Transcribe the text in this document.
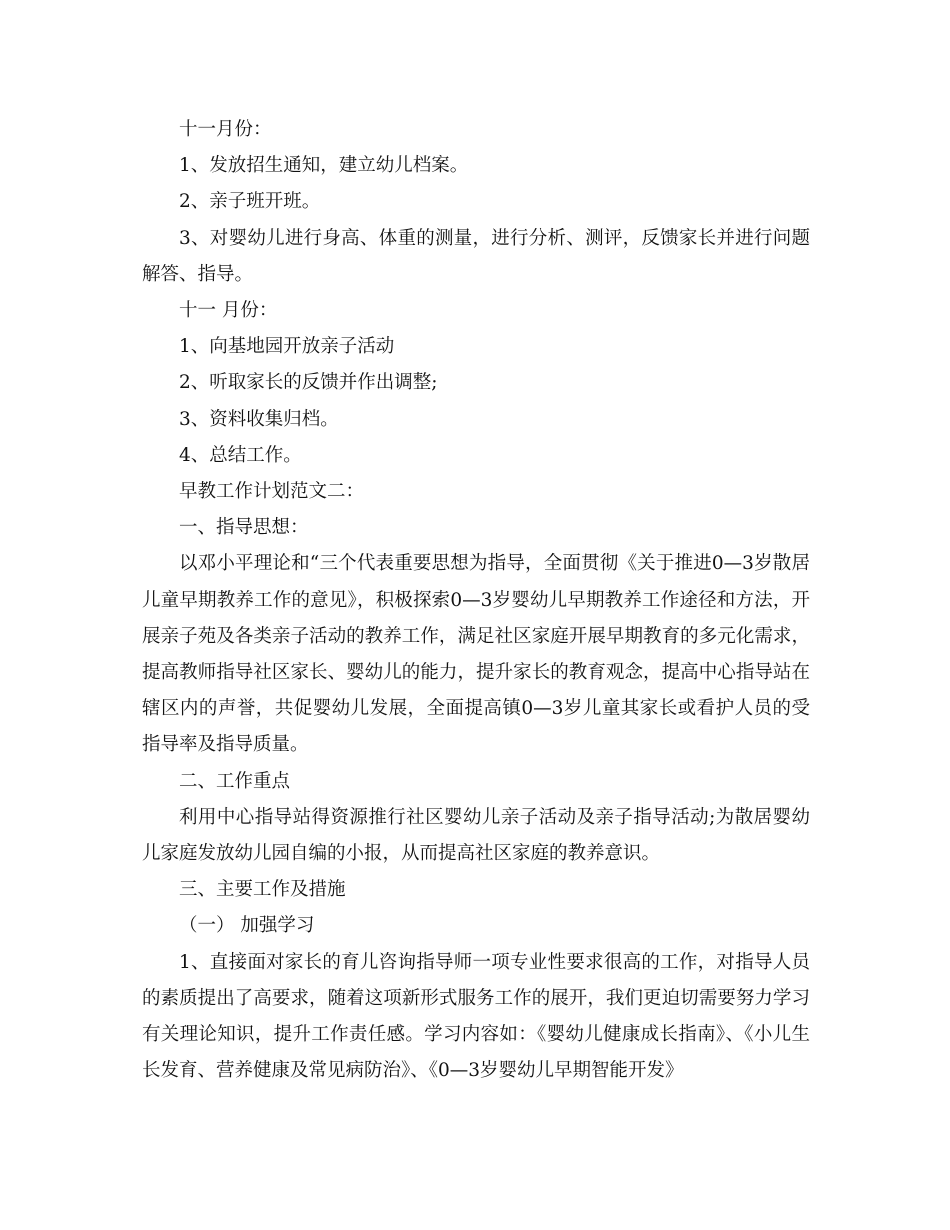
十一月份：

1、发放招生通知，建立幼儿档案。

2、亲子班开班。

3、对婴幼儿进行身高、体重的测量，进行分析、测评，反馈家长并进行问题解答、指导。

十一 月份：

1、向基地园开放亲子活动

2、听取家长的反馈并作出调整;

3、资料收集归档。

4、总结工作。

早教工作计划范文二：

一、指导思想：

以邓小平理论和“三个代表重要思想为指导，全面贯彻《关于推进0—3岁散居儿童早期教养工作的意见》，积极探索0—3岁婴幼儿早期教养工作途径和方法，开展亲子苑及各类亲子活动的教养工作，满足社区家庭开展早期教育的多元化需求，提高教师指导社区家长、婴幼儿的能力，提升家长的教育观念，提高中心指导站在辖区内的声誉，共促婴幼儿发展，全面提高镇0—3岁儿童其家长或看护人员的受指导率及指导质量。

二、工作重点

利用中心指导站得资源推行社区婴幼儿亲子活动及亲子指导活动;为散居婴幼儿家庭发放幼儿园自编的小报，从而提高社区家庭的教养意识。

三、主要工作及措施

（一） 加强学习

1、直接面对家长的育儿咨询指导师一项专业性要求很高的工作，对指导人员的素质提出了高要求，随着这项新形式服务工作的展开，我们更迫切需要努力学习有关理论知识，提升工作责任感。学习内容如：《婴幼儿健康成长指南》、《小儿生长发育、营养健康及常见病防治》、《0—3岁婴幼儿早期智能开发》
